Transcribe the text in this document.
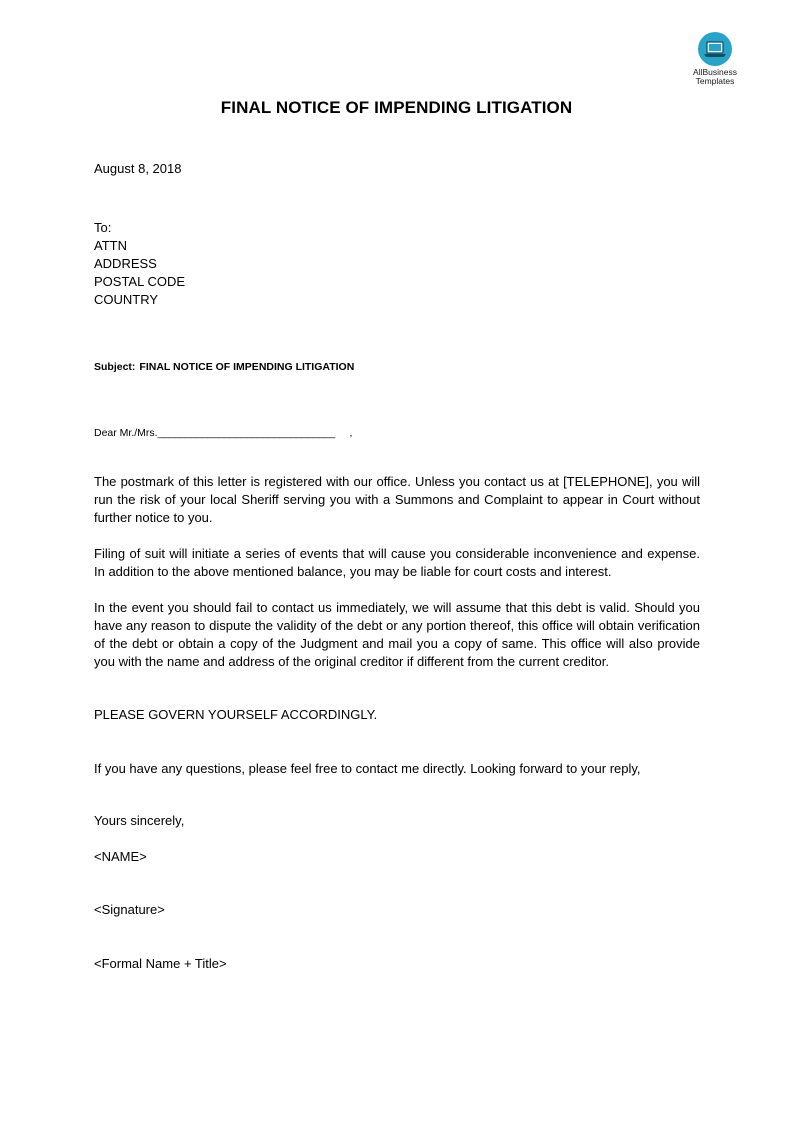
AllBusiness
Templates
FINAL NOTICE OF IMPENDING LITIGATION
August 8, 2018
To:
ATTN
ADDRESS
POSTAL CODE
COUNTRY
Subject: FINAL NOTICE OF IMPENDING LITIGATION
Dear Mr./Mrs.________________________________ ,

The postmark of this letter is registered with our office. Unless you contact us at [TELEPHONE], you will run the risk of your local Sheriff serving you with a Summons and Complaint to appear in Court without further notice to you.

Filing of suit will initiate a series of events that will cause you considerable inconvenience and expense. In addition to the above mentioned balance, you may be liable for court costs and interest.

In the event you should fail to contact us immediately, we will assume that this debt is valid. Should you have any reason to dispute the validity of the debt or any portion thereof, this office will obtain verification of the debt or obtain a copy of the Judgment and mail you a copy of same. This office will also provide you with the name and address of the original creditor if different from the current creditor.

PLEASE GOVERN YOURSELF ACCORDINGLY.

If you have any questions, please feel free to contact me directly. Looking forward to your reply,

Yours sincerely,
<NAME>
<Signature>
<Formal Name + Title>
